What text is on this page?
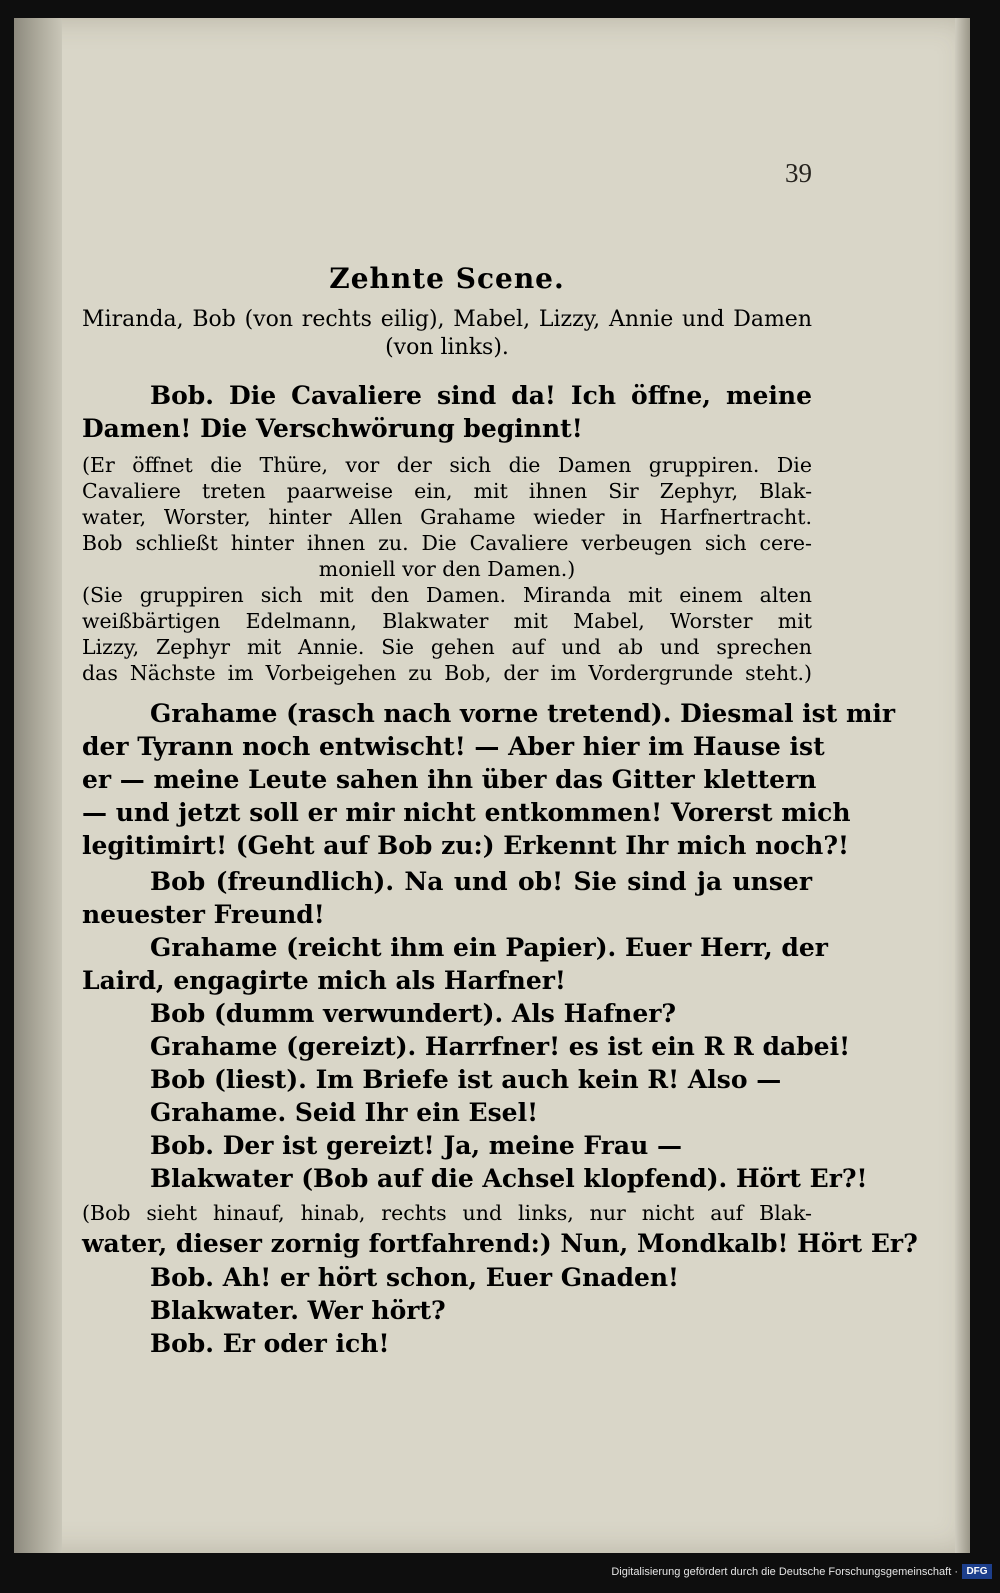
39
Zehnte Scene.
Miranda, Bob (von rechts eilig), Mabel, Lizzy, Annie und Damen (von links).
Bob. Die Cavaliere sind da! Ich öffne, meine
Damen! Die Verschwörung beginnt!
(Er öffnet die Thüre, vor der sich die Damen gruppiren. Die
Cavaliere treten paarweise ein, mit ihnen Sir Zephyr, Blak-
water, Worster, hinter Allen Grahame wieder in Harfnertracht.
Bob schließt hinter ihnen zu. Die Cavaliere verbeugen sich cere-
moniell vor den Damen.)
(Sie gruppiren sich mit den Damen. Miranda mit einem alten
weißbärtigen Edelmann, Blakwater mit Mabel, Worster mit
Lizzy, Zephyr mit Annie. Sie gehen auf und ab und sprechen
das Nächste im Vorbeigehen zu Bob, der im Vordergrunde steht.)
Grahame (rasch nach vorne tretend). Diesmal ist mir
der Tyrann noch entwischt! — Aber hier im Hause ist
er — meine Leute sahen ihn über das Gitter klettern
— und jetzt soll er mir nicht entkommen! Vorerst mich
legitimirt! (Geht auf Bob zu:) Erkennt Ihr mich noch?!
Bob (freundlich). Na und ob! Sie sind ja unser
neuester Freund!
Grahame (reicht ihm ein Papier). Euer Herr, der
Laird, engagirte mich als Harfner!
Bob (dumm verwundert). Als Hafner?
Grahame (gereizt). Harrfner! es ist ein R R dabei!
Bob (liest). Im Briefe ist auch kein R! Also —
Grahame. Seid Ihr ein Esel!
Bob. Der ist gereizt! Ja, meine Frau —
Blakwater (Bob auf die Achsel klopfend). Hört Er?!
(Bob sieht hinauf, hinab, rechts und links, nur nicht auf Blak-
water, dieser zornig fortfahrend:) Nun, Mondkalb! Hört Er?
Bob. Ah! er hört schon, Euer Gnaden!
Blakwater. Wer hört?
Bob. Er oder ich!
Digitalisierung gefördert durch die Deutsche Forschungsgemeinschaft · DFG
